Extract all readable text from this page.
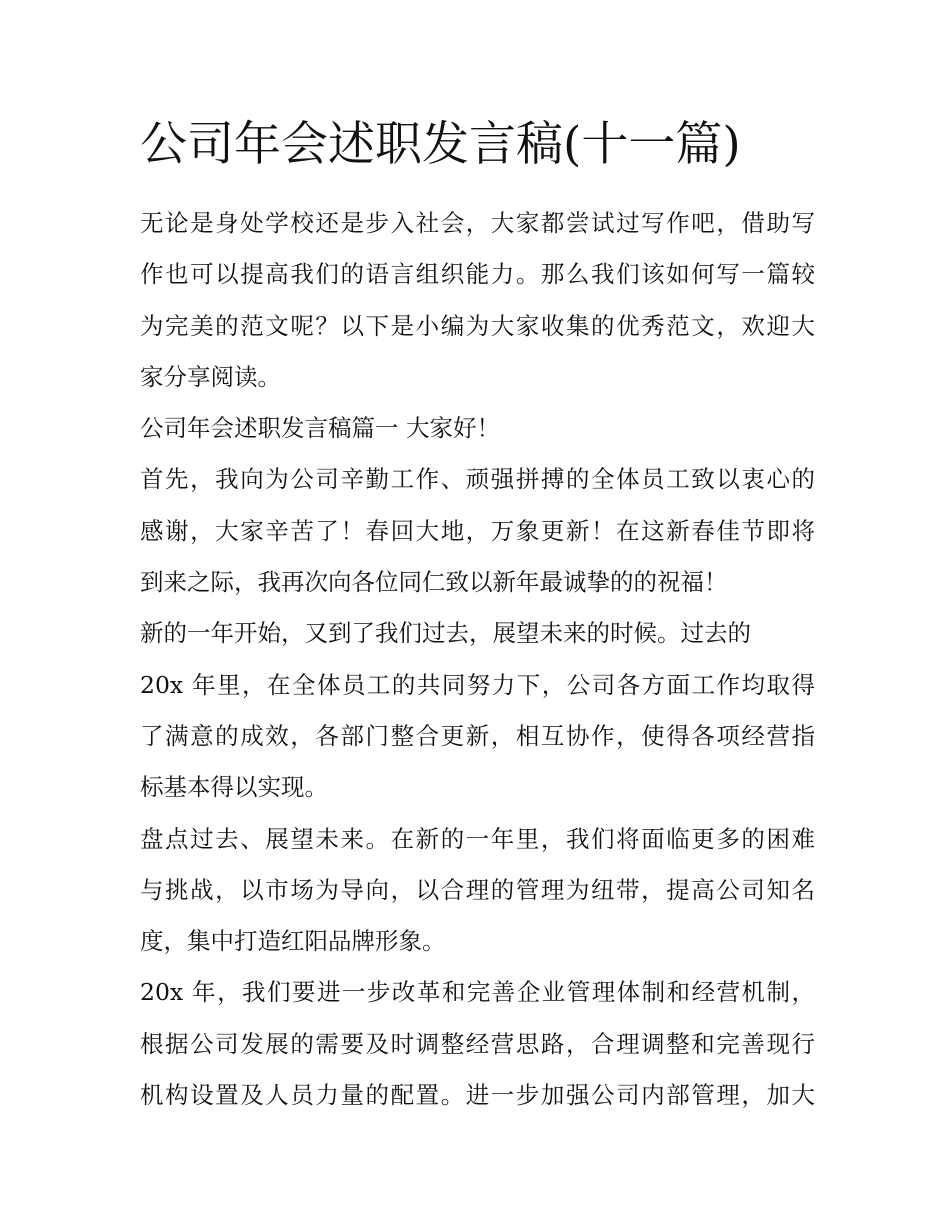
公司年会述职发言稿(十一篇)
无论是身处学校还是步入社会，大家都尝试过写作吧，借助写
作也可以提高我们的语言组织能力。那么我们该如何写一篇较
为完美的范文呢？以下是小编为大家收集的优秀范文，欢迎大
家分享阅读。
公司年会述职发言稿篇一 大家好！
首先，我向为公司辛勤工作、顽强拼搏的全体员工致以衷心的
感谢，大家辛苦了！春回大地，万象更新！在这新春佳节即将
到来之际，我再次向各位同仁致以新年最诚挚的的祝福！
新的一年开始，又到了我们过去，展望未来的时候。过去的
20x 年里，在全体员工的共同努力下，公司各方面工作均取得
了满意的成效，各部门整合更新，相互协作，使得各项经营指
标基本得以实现。
盘点过去、展望未来。在新的一年里，我们将面临更多的困难
与挑战，以市场为导向，以合理的管理为纽带，提高公司知名
度，集中打造红阳品牌形象。
20x 年，我们要进一步改革和完善企业管理体制和经营机制，
根据公司发展的需要及时调整经营思路，合理调整和完善现行
机构设置及人员力量的配置。进一步加强公司内部管理，加大
